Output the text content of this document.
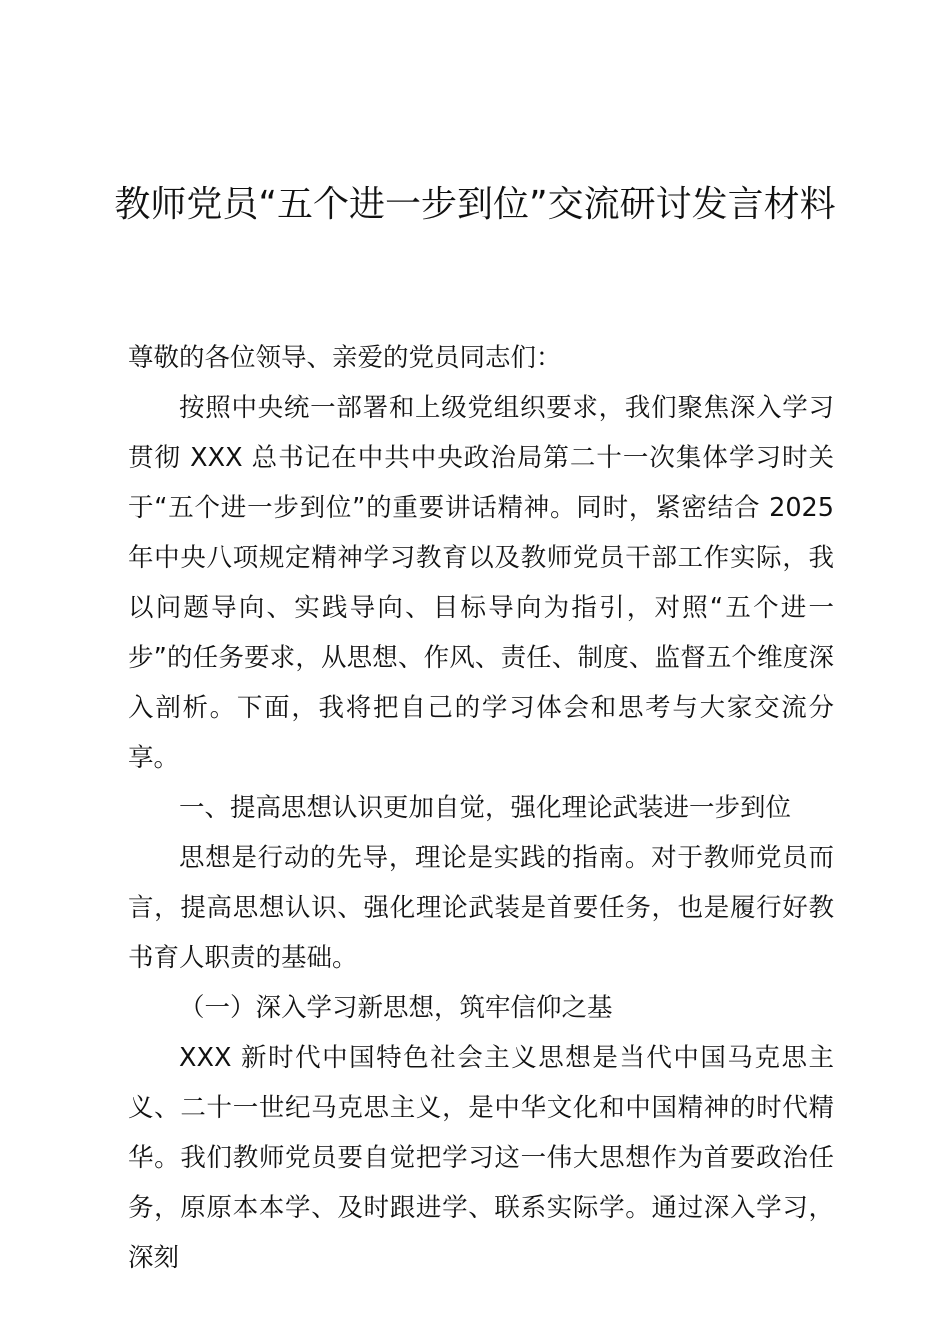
教师党员“五个进一步到位”交流研讨发言材料

尊敬的各位领导、亲爱的党员同志们：

按照中央统一部署和上级党组织要求，我们聚焦深入学习贯彻 XXX 总书记在中共中央政治局第二十一次集体学习时关于“五个进一步到位”的重要讲话精神。同时，紧密结合 2025 年中央八项规定精神学习教育以及教师党员干部工作实际，我以问题导向、实践导向、目标导向为指引，对照“五个进一步”的任务要求，从思想、作风、责任、制度、监督五个维度深入剖析。下面，我将把自己的学习体会和思考与大家交流分享。

一、提高思想认识更加自觉，强化理论武装进一步到位

思想是行动的先导，理论是实践的指南。对于教师党员而言，提高思想认识、强化理论武装是首要任务，也是履行好教书育人职责的基础。

（一）深入学习新思想，筑牢信仰之基

XXX 新时代中国特色社会主义思想是当代中国马克思主义、二十一世纪马克思主义，是中华文化和中国精神的时代精华。我们教师党员要自觉把学习这一伟大思想作为首要政治任务，原原本本学、及时跟进学、联系实际学。通过深入学习，深刻
